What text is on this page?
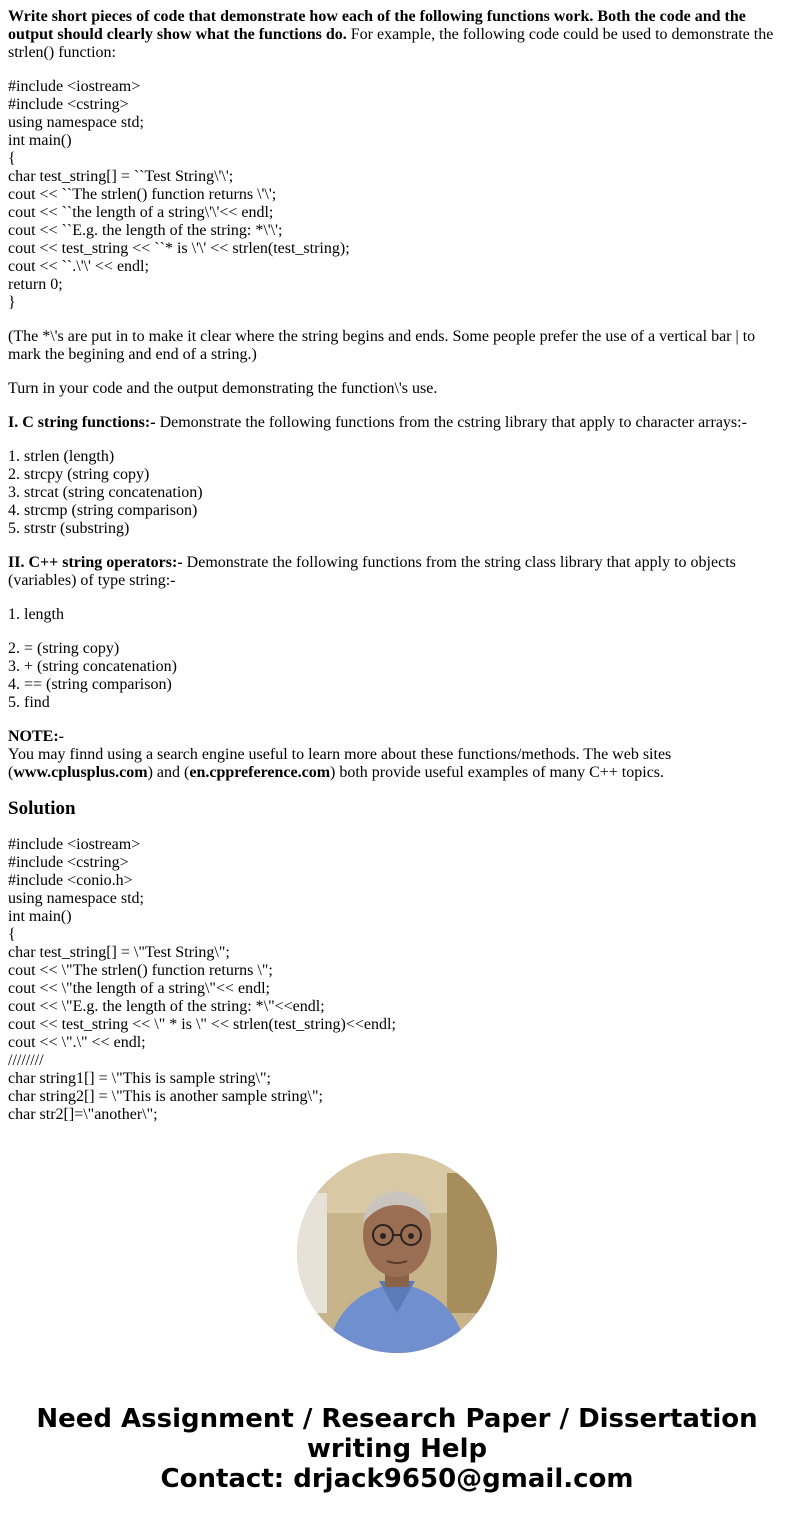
Write short pieces of code that demonstrate how each of the following functions work. Both the code and the output should clearly show what the functions do. For example, the following code could be used to demonstrate the strlen() function:

#include <iostream>
#include <cstring>
using namespace std;
int main()
{
char test_string[] = ``Test String\'\';
cout << ``The strlen() function returns \'\';
cout << ``the length of a string\'\'<< endl;
cout << ``E.g. the length of the string: *\'\';
cout << test_string << ``* is \'\' << strlen(test_string);
cout << ``.\'\' << endl;
return 0;
}

(The *\'s are put in to make it clear where the string begins and ends. Some people prefer the use of a vertical bar | to mark the begining and end of a string.)

Turn in your code and the output demonstrating the function\'s use.

I. C string functions:- Demonstrate the following functions from the cstring library that apply to character arrays:-

1. strlen (length)
2. strcpy (string copy)
3. strcat (string concatenation)
4. strcmp (string comparison)
5. strstr (substring)

II. C++ string operators:- Demonstrate the following functions from the string class library that apply to objects (variables) of type string:-

1. length

2. = (string copy)
3. + (string concatenation)
4. == (string comparison)
5. find

NOTE:-
You may finnd using a search engine useful to learn more about these functions/methods. The web sites (www.cplusplus.com) and (en.cppreference.com) both provide useful examples of many C++ topics.

Solution

#include <iostream>
#include <cstring>
#include <conio.h>
using namespace std;
int main()
{
char test_string[] = \"Test String\";
cout << \"The strlen() function returns \";
cout << \"the length of a string\"<< endl;
cout << \"E.g. the length of the string: *\"<<endl;
cout << test_string << \" * is \" << strlen(test_string)<<endl;
cout << \".\" << endl;
////////
char string1[] = \"This is sample string\";
char string2[] = \"This is another sample string\";
char str2[]=\"another\";

Need Assignment / Research Paper / Dissertation
writing Help
Contact: drjack9650@gmail.com
